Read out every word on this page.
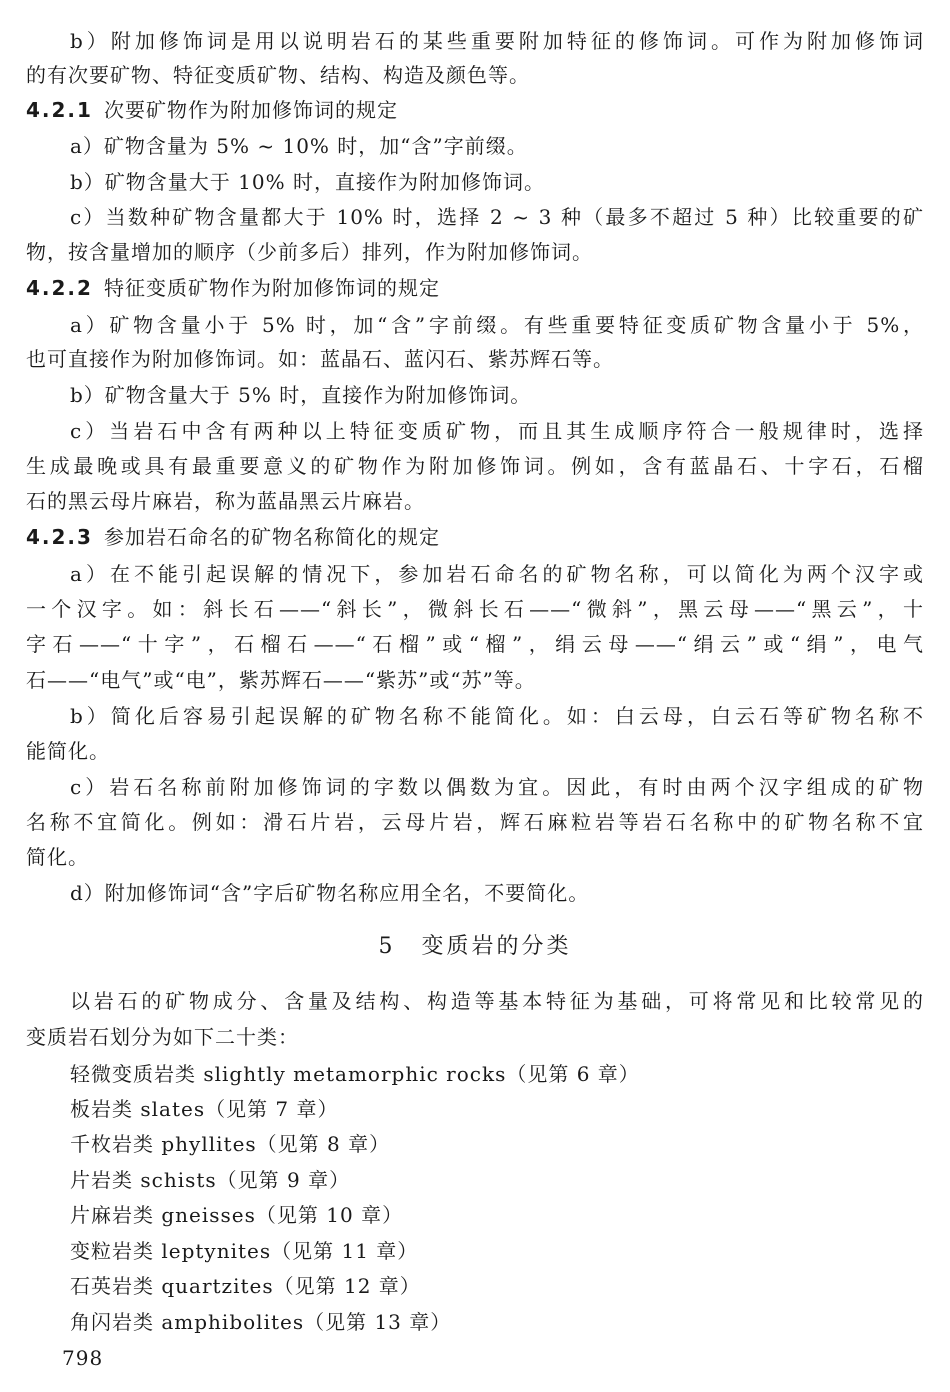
b）附加修饰词是用以说明岩石的某些重要附加特征的修饰词。可作为附加修饰词
的有次要矿物、特征变质矿物、结构、构造及颜色等。
4.2.1 次要矿物作为附加修饰词的规定
a）矿物含量为 5% ~ 10% 时，加“含”字前缀。
b）矿物含量大于 10% 时，直接作为附加修饰词。
c）当数种矿物含量都大于 10% 时，选择 2 ~ 3 种（最多不超过 5 种）比较重要的矿
物，按含量增加的顺序（少前多后）排列，作为附加修饰词。
4.2.2 特征变质矿物作为附加修饰词的规定
a）矿物含量小于 5% 时，加“含”字前缀。有些重要特征变质矿物含量小于 5%，
也可直接作为附加修饰词。如：蓝晶石、蓝闪石、紫苏辉石等。
b）矿物含量大于 5% 时，直接作为附加修饰词。
c）当岩石中含有两种以上特征变质矿物，而且其生成顺序符合一般规律时，选择
生成最晚或具有最重要意义的矿物作为附加修饰词。例如，含有蓝晶石、十字石，石榴
石的黑云母片麻岩，称为蓝晶黑云片麻岩。
4.2.3 参加岩石命名的矿物名称简化的规定
a）在不能引起误解的情况下，参加岩石命名的矿物名称，可以简化为两个汉字或
一个汉字。如：斜长石——“斜长”，微斜长石——“微斜”，黑云母——“黑云”，十
字石——“十字”，石榴石——“石榴”或“榴”，绢云母——“绢云”或“绢”，电气
石——“电气”或“电”，紫苏辉石——“紫苏”或“苏”等。
b）简化后容易引起误解的矿物名称不能简化。如：白云母，白云石等矿物名称不
能简化。
c）岩石名称前附加修饰词的字数以偶数为宜。因此，有时由两个汉字组成的矿物
名称不宜简化。例如：滑石片岩，云母片岩，辉石麻粒岩等岩石名称中的矿物名称不宜
简化。
d）附加修饰词“含”字后矿物名称应用全名，不要简化。
5 变质岩的分类
以岩石的矿物成分、含量及结构、构造等基本特征为基础，可将常见和比较常见的
变质岩石划分为如下二十类：
轻微变质岩类 slightly metamorphic rocks（见第 6 章）
板岩类 slates（见第 7 章）
千枚岩类 phyllites（见第 8 章）
片岩类 schists（见第 9 章）
片麻岩类 gneisses（见第 10 章）
变粒岩类 leptynites（见第 11 章）
石英岩类 quartzites（见第 12 章）
角闪岩类 amphibolites（见第 13 章）
798
